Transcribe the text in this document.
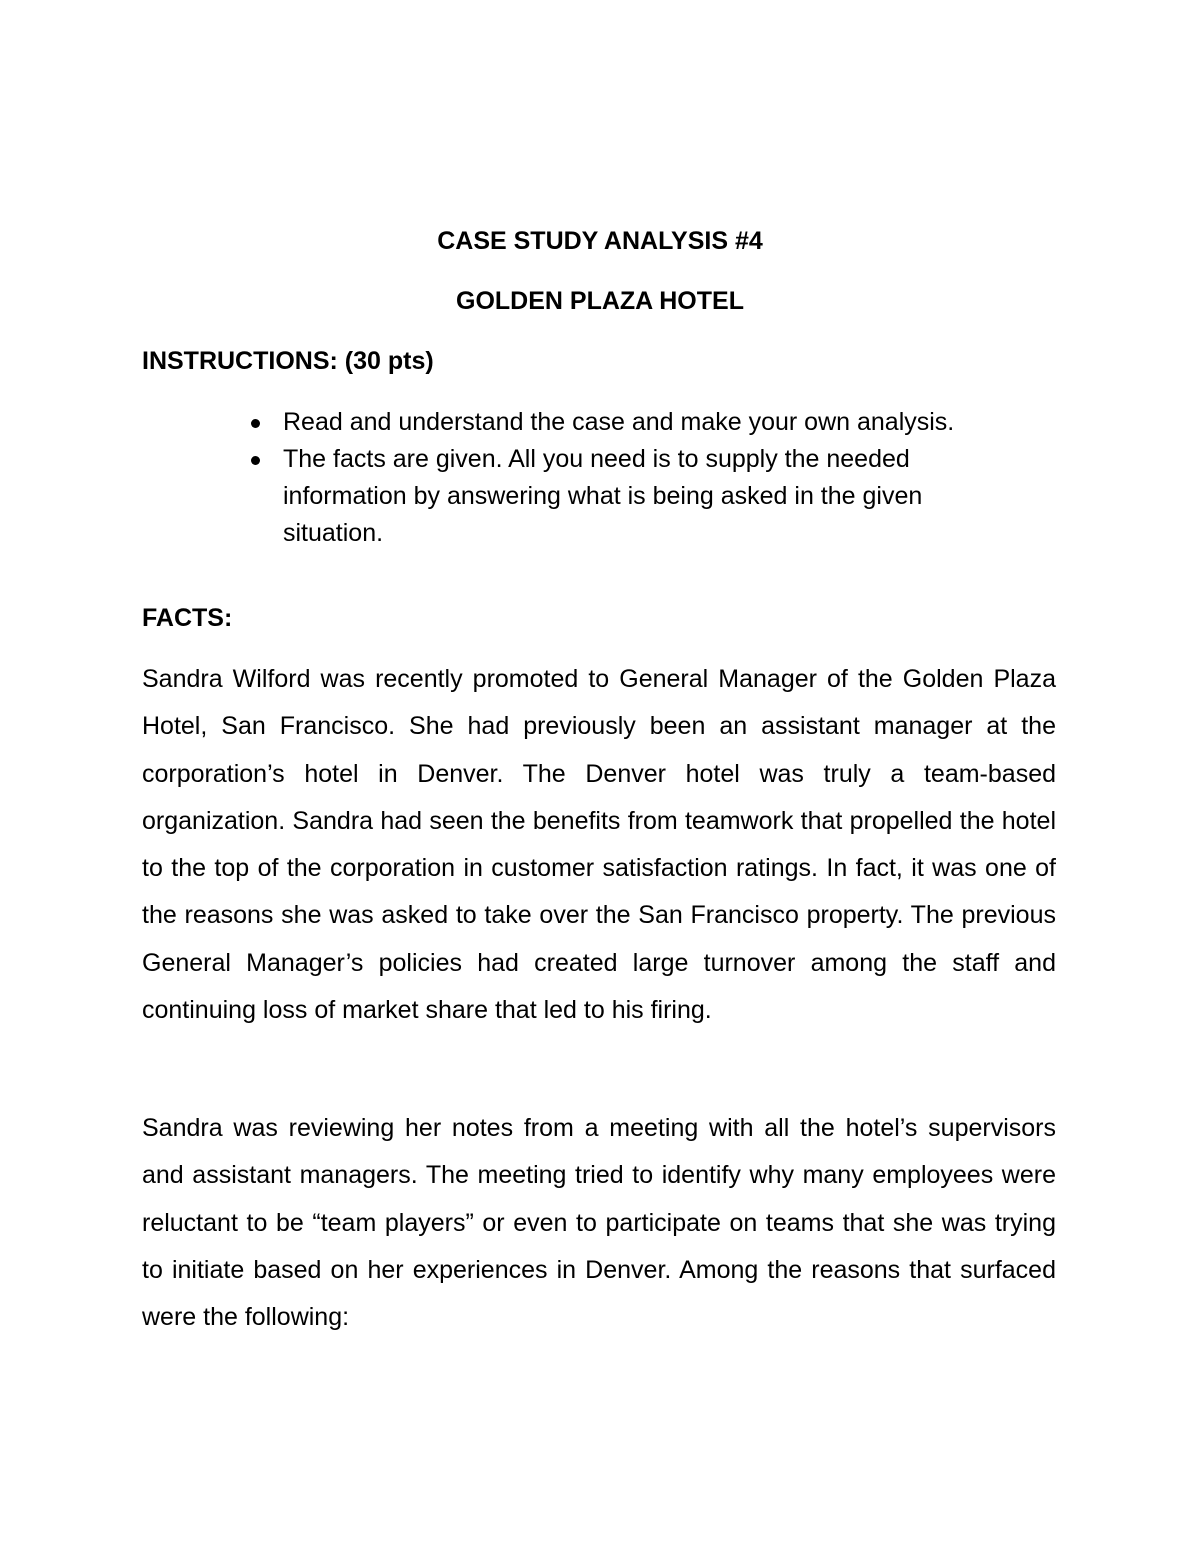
CASE STUDY ANALYSIS #4
GOLDEN PLAZA HOTEL
INSTRUCTIONS: (30 pts)
Read and understand the case and make your own analysis.
The facts are given. All you need is to supply the needed information by answering what is being asked in the given situation.
FACTS:

Sandra Wilford was recently promoted to General Manager of the Golden Plaza Hotel, San Francisco. She had previously been an assistant manager at the corporation’s hotel in Denver. The Denver hotel was truly a team-based organization. Sandra had seen the benefits from teamwork that propelled the hotel to the top of the corporation in customer satisfaction ratings. In fact, it was one of the reasons she was asked to take over the San Francisco property. The previous General Manager’s policies had created large turnover among the staff and continuing loss of market share that led to his firing.

Sandra was reviewing her notes from a meeting with all the hotel’s supervisors and assistant managers. The meeting tried to identify why many employees were reluctant to be “team players” or even to participate on teams that she was trying to initiate based on her experiences in Denver. Among the reasons that surfaced were the following:
